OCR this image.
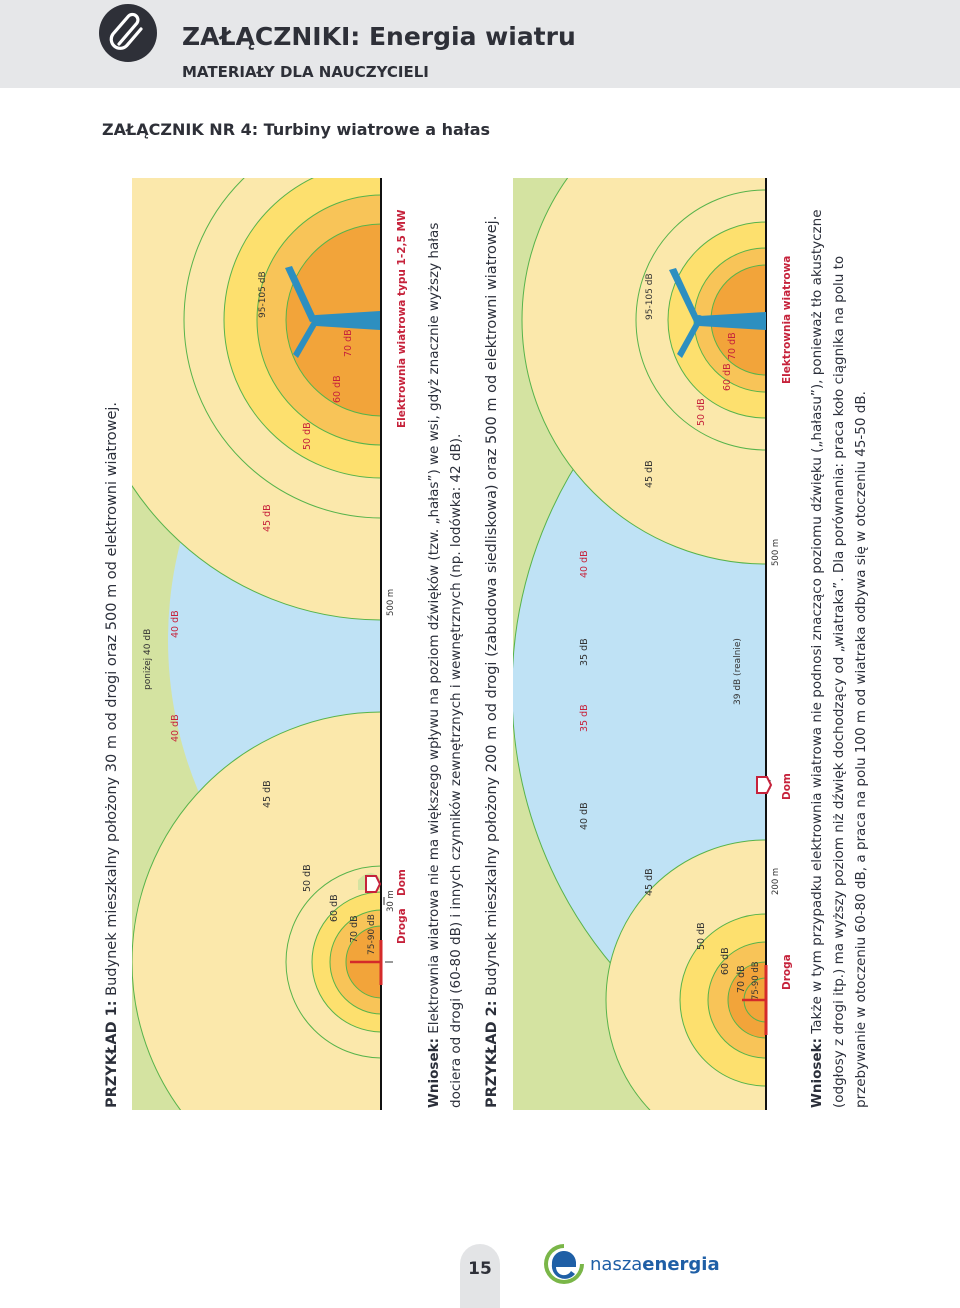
ZAŁĄCZNIKI: Energia wiatru
MATERIAŁY DLA NAUCZYCIELI
ZAŁĄCZNIK NR 4: Turbiny wiatrowe a hałas
PRZYKŁAD 1: Budynek mieszkalny położony 30 m od drogi oraz 500 m od elektrowni wiatrowej.	poniżej 40 dB
40 dB
40 dB
45 dB
45 dB
50 dB
50 dB
60 dB
60 dB
70 dB
70 dB
75-90 dB
95-105 dB
30 m
500 m
Droga
Dom
Elektrownia wiatrowa typu 1-2,5 MW
Wniosek: Elektrownia wiatrowa nie ma większego wpływu na poziom dźwięków (tzw. „hałas”) we wsi, gdyż znacznie wyższy hałas dociera od drogi (60-80 dB) i innych czynników zewnętrznych i wewnętrznych (np. lodówka: 42 dB). PRZYKŁAD 2: Budynek mieszkalny położony 200 m od drogi (zabudowa siedliskowa) oraz 500 m od elektrowni wiatrowej.	35 dB
35 dB
40 dB
40 dB
45 dB
45 dB
50 dB
50 dB
60 dB
60 dB
70 dB
70 dB
75-90 dB
95-105 dB
39 dB (realnie)
200 m
500 m
Droga
Dom
Elektrownia wiatrowa
Wniosek: Także w tym przypadku elektrownia wiatrowa nie podnosi znacząco poziomu dźwięku („hałasu”), ponieważ tło akustyczne (odgłosy z drogi itp.) ma wyższy poziom niż dźwięk dochodzący od „wiatraka”. Dla porównania: praca koło ciągnika na polu to przebywanie w otoczeniu 60-80 dB, a praca na polu 100 m od wiatraka odbywa się w otoczeniu 45-50 dB.
15	naszaenergia
